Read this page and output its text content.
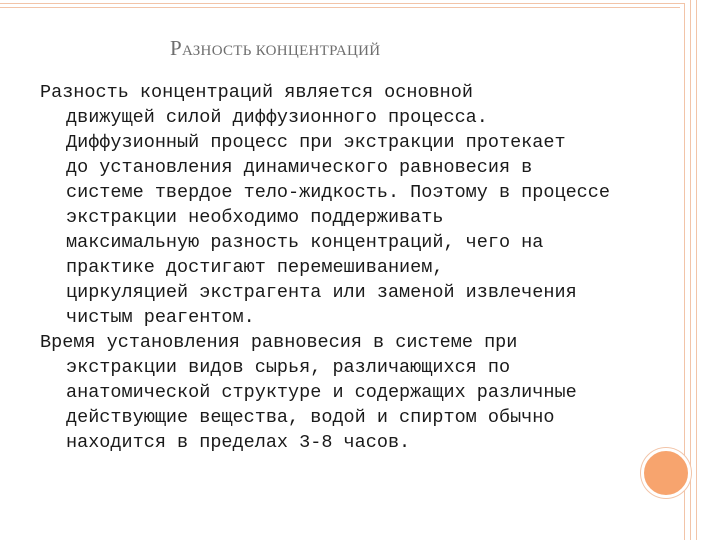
РАЗНОСТЬ КОНЦЕНТРАЦИЙ
Разность концентраций является основной
движущей силой диффузионного процесса.
Диффузионный процесс при экстракции протекает
до установления динамического равновесия в
системе твердое тело-жидкость. Поэтому в процессе
экстракции необходимо поддерживать
максимальную разность концентраций, чего на
практике достигают перемешиванием,
циркуляцией экстрагента или заменой извлечения
чистым реагентом.
Время установления равновесия в системе при
экстракции видов сырья, различающихся по
анатомической структуре и содержащих различные
действующие вещества, водой и спиртом обычно
находится в пределах 3-8 часов.
